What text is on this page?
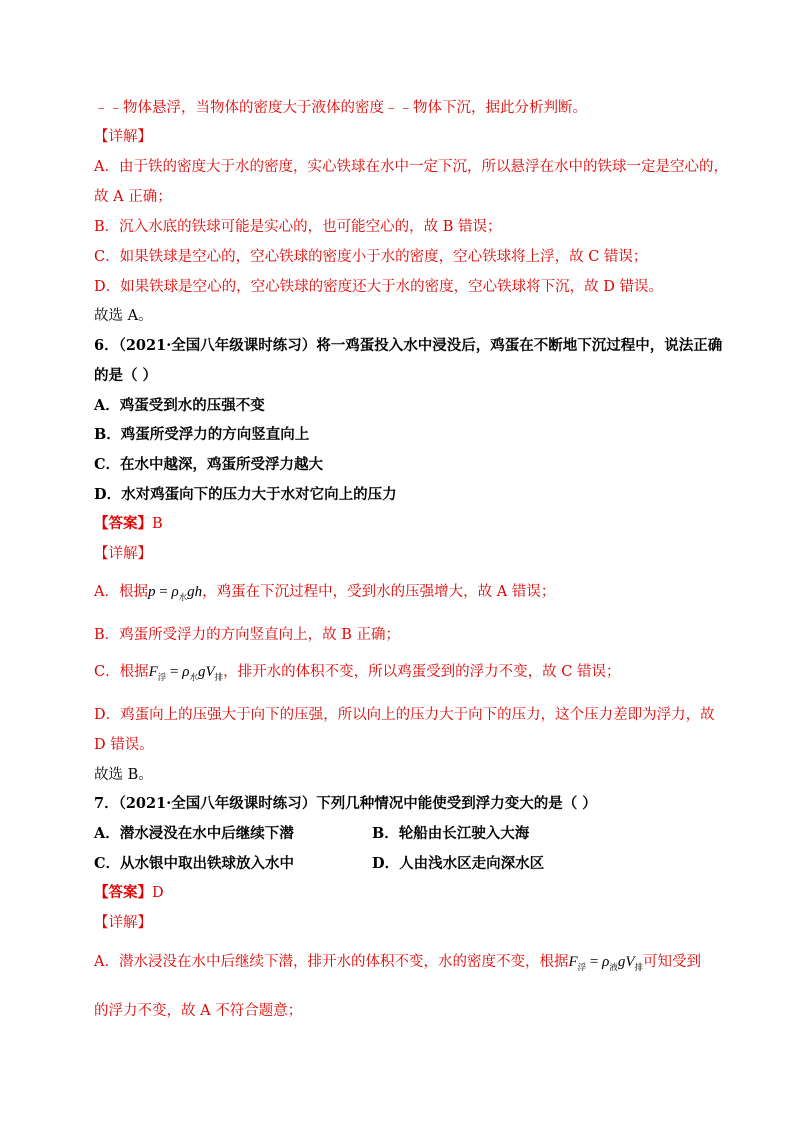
﹣﹣物体悬浮，当物体的密度大于液体的密度﹣﹣物体下沉，据此分析判断。
【详解】
A．由于铁的密度大于水的密度，实心铁球在水中一定下沉，所以悬浮在水中的铁球一定是空心的，
故 A 正确；
B．沉入水底的铁球可能是实心的，也可能空心的，故 B 错误；
C．如果铁球是空心的，空心铁球的密度小于水的密度，空心铁球将上浮，故 C 错误；
D．如果铁球是空心的，空心铁球的密度还大于水的密度，空心铁球将下沉，故 D 错误。
故选 A。
6．（2021·全国八年级课时练习）将一鸡蛋投入水中浸没后，鸡蛋在不断地下沉过程中，说法正确
的是（ ）
A．鸡蛋受到水的压强不变
B．鸡蛋所受浮力的方向竖直向上
C．在水中越深，鸡蛋所受浮力越大
D．水对鸡蛋向下的压力大于水对它向上的压力
【答案】B
【详解】
A．根据$p = \rho_水gh$，鸡蛋在下沉过程中，受到水的压强增大，故 A 错误；
B．鸡蛋所受浮力的方向竖直向上，故 B 正确；
C．根据$F_浮 = \rho_水gV_排$，排开水的体积不变，所以鸡蛋受到的浮力不变，故 C 错误；
D．鸡蛋向上的压强大于向下的压强，所以向上的压力大于向下的压力，这个压力差即为浮力，故
D 错误。
故选 B。
7．（2021·全国八年级课时练习）下列几种情况中能使受到浮力变大的是（ ）
A．潜水浸没在水中后继续下潜	B．轮船由长江驶入大海
C．从水银中取出铁球放入水中	D．人由浅水区走向深水区
【答案】D
【详解】
A．潜水浸没在水中后继续下潜，排开水的体积不变，水的密度不变，根据$F_浮 = \rho_液gV_排$可知受到
的浮力不变，故 A 不符合题意；
